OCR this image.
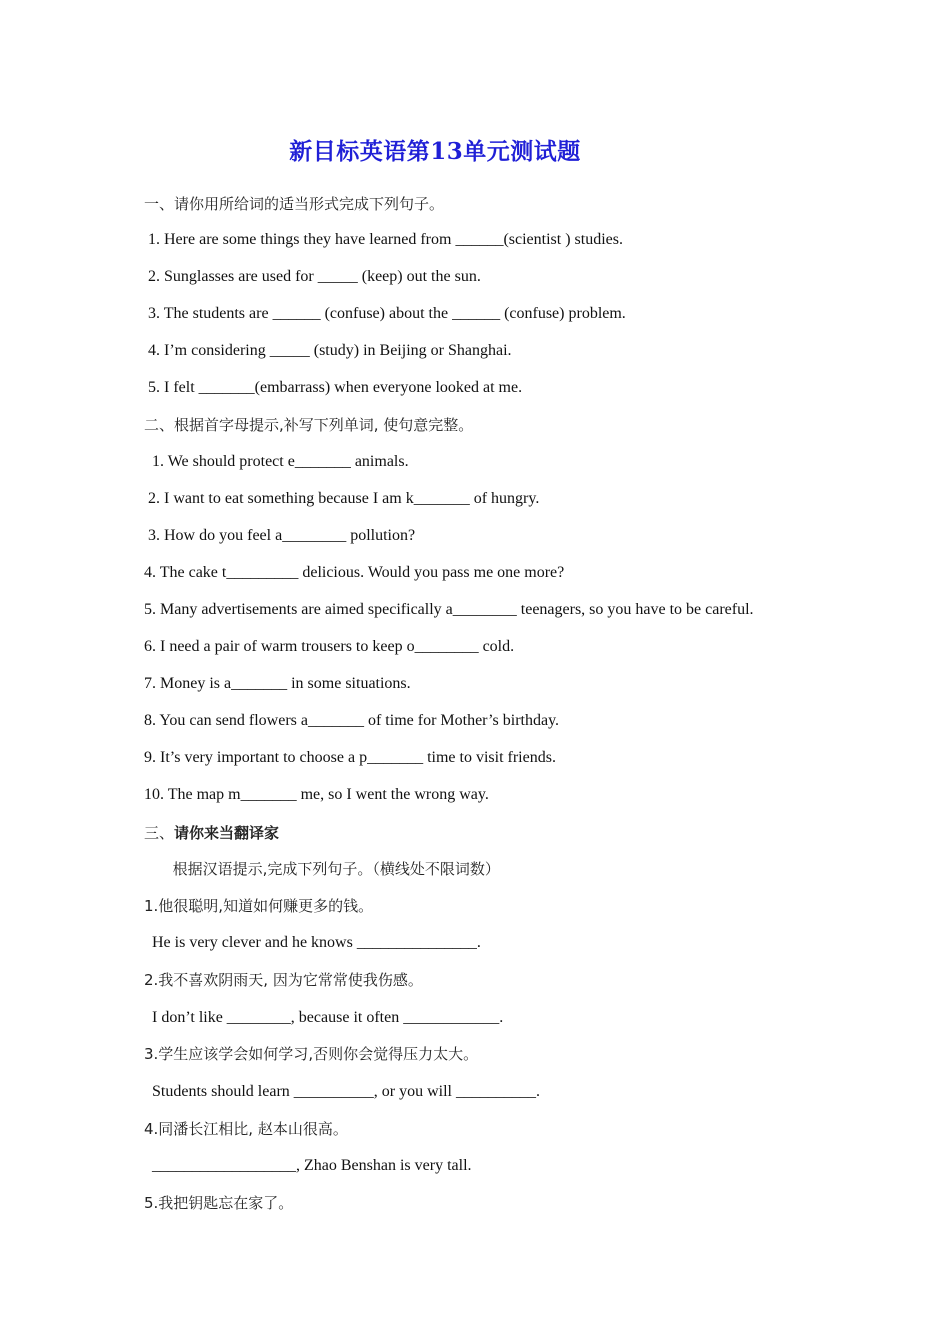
新目标英语第13单元测试题
一、请你用所给词的适当形式完成下列句子。
1. Here are some things they have learned from ______(scientist ) studies.
2. Sunglasses are used for _____ (keep) out the sun.
3. The students are ______ (confuse) about the ______ (confuse) problem.
4. I’m considering _____ (study) in Beijing or Shanghai.
5. I felt _______(embarrass) when everyone looked at me.
二、根据首字母提示,补写下列单词, 使句意完整。
1. We should protect e_______ animals.
2. I want to eat something because I am k_______ of hungry.
3. How do you feel a________ pollution?
4. The cake t_________ delicious. Would you pass me one more?
5. Many advertisements are aimed specifically a________ teenagers, so you have to be careful.
6. I need a pair of warm trousers to keep o________ cold.
7. Money is a_______ in some situations.
8. You can send flowers a_______ of time for Mother’s birthday.
9. It’s very important to choose a p_______ time to visit friends.
10. The map m_______ me, so I went the wrong way.
三、请你来当翻译家
根据汉语提示,完成下列句子。（横线处不限词数）
1.他很聪明,知道如何赚更多的钱。
He is very clever and he knows _______________.
2.我不喜欢阴雨天, 因为它常常使我伤感。
I don’t like ________, because it often ____________.
3.学生应该学会如何学习,否则你会觉得压力太大。
Students should learn __________, or you will __________.
4.同潘长江相比, 赵本山很高。
__________________, Zhao Benshan is very tall.
5.我把钥匙忘在家了。
